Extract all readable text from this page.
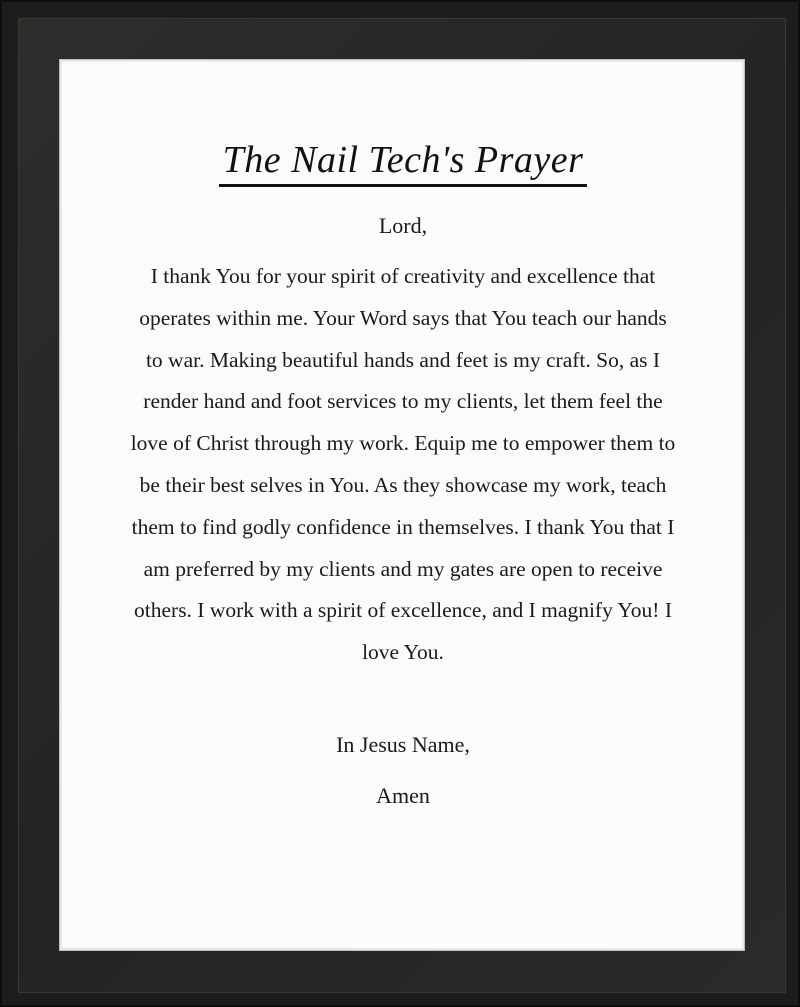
The Nail Tech's Prayer
Lord,
I thank You for your spirit of creativity and excellence that operates within me. Your Word says that You teach our hands to war. Making beautiful hands and feet is my craft. So, as I render hand and foot services to my clients, let them feel the love of Christ through my work. Equip me to empower them to be their best selves in You. As they showcase my work, teach them to find godly confidence in themselves. I thank You that I am preferred by my clients and my gates are open to receive others. I work with a spirit of excellence, and I magnify You! I love You.
In Jesus Name,
Amen
